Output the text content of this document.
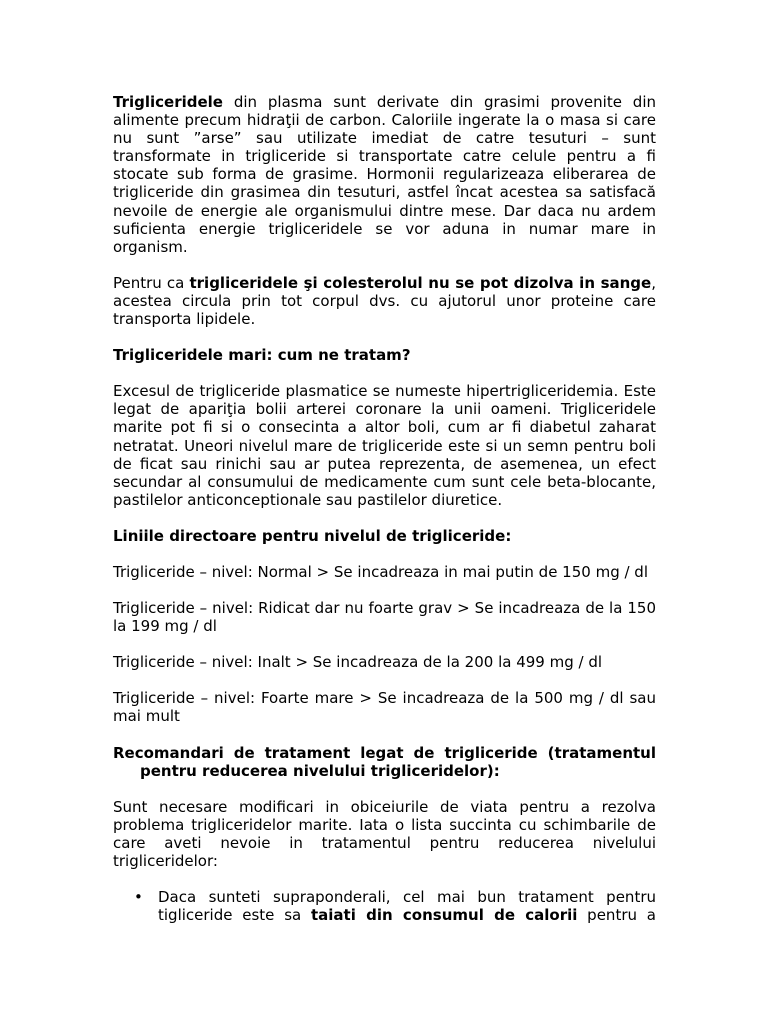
Trigliceridele din plasma sunt derivate din grasimi provenite din alimente precum hidraţii de carbon. Caloriile ingerate la o masa si care nu sunt ”arse” sau utilizate imediat de catre tesuturi – sunt transformate in trigliceride si transportate catre celule pentru a fi stocate sub forma de grasime. Hormonii regularizeaza eliberarea de trigliceride din grasimea din tesuturi, astfel încat acestea sa satisfacă nevoile de energie ale organismului dintre mese. Dar daca nu ardem suficienta energie trigliceridele se vor aduna in numar mare in organism.

Pentru ca trigliceridele şi colesterolul nu se pot dizolva in sange, acestea circula prin tot corpul dvs. cu ajutorul unor proteine care transporta lipidele.

Trigliceridele mari: cum ne tratam?

Excesul de trigliceride plasmatice se numeste hipertrigliceridemia. Este legat de apariţia bolii arterei coronare la unii oameni. Trigliceridele marite pot fi si o consecinta a altor boli, cum ar fi diabetul zaharat netratat. Uneori nivelul mare de trigliceride este si un semn pentru boli de ficat sau rinichi sau ar putea reprezenta, de asemenea, un efect secundar al consumului de medicamente cum sunt cele beta-blocante, pastilelor anticonceptionale sau pastilelor diuretice.

Liniile directoare pentru nivelul de trigliceride:

Trigliceride – nivel: Normal > Se incadreaza in mai putin de 150 mg / dl

Trigliceride – nivel: Ridicat dar nu foarte grav > Se incadreaza de la 150 la 199 mg / dl

Trigliceride – nivel: Inalt > Se incadreaza de la 200 la 499 mg / dl

Trigliceride – nivel: Foarte mare > Se incadreaza de la 500 mg / dl sau mai mult

Recomandari de tratament legat de trigliceride (tratamentul pentru reducerea nivelului trigliceridelor):

Sunt necesare modificari in obiceiurile de viata pentru a rezolva problema trigliceridelor marite. Iata o lista succinta cu schimbarile de care aveti nevoie in tratamentul pentru reducerea nivelului trigliceridelor:

• Daca sunteti supraponderali, cel mai bun tratament pentru tigliceride este sa taiati din consumul de calorii pentru a
